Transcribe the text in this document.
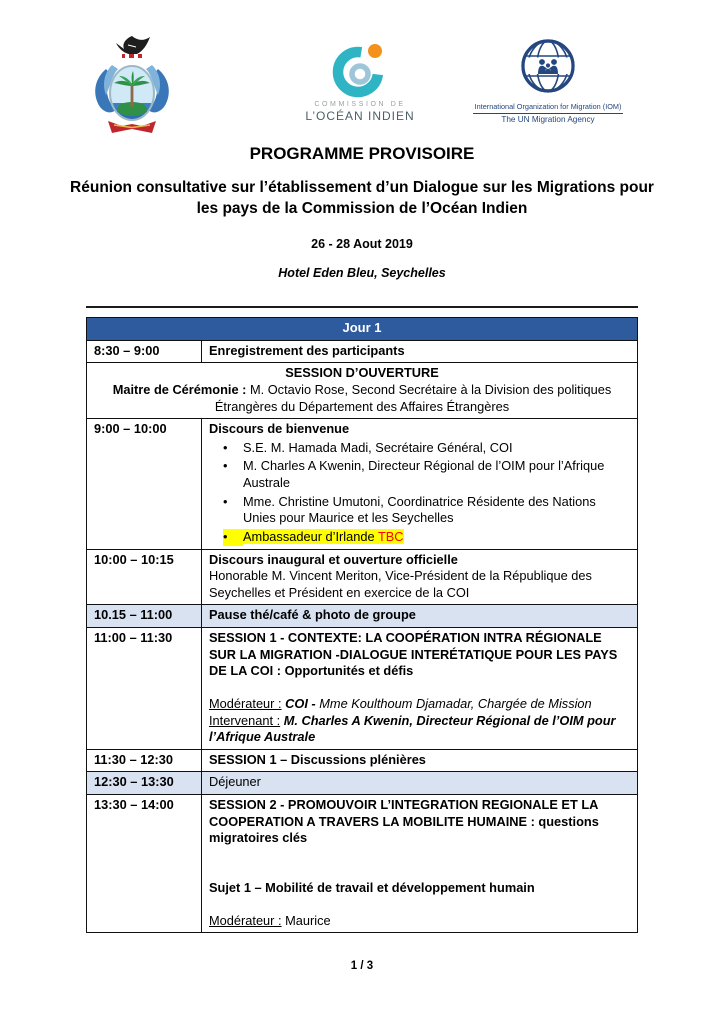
COMMISSION DE
L’OCÉAN INDIEN
International Organization for Migration (IOM)
The UN Migration Agency
PROGRAMME PROVISOIRE
Réunion consultative sur l’établissement d’un Dialogue sur les Migrations pour les pays de la Commission de l’Océan Indien
26 - 28 Aout 2019
Hotel Eden Bleu, Seychelles
Jour 1	
8:30 – 9:00	Enregistrement des participants

SESSION D’OUVERTURE
Maitre de Cérémonie : M. Octavio Rose, Second Secrétaire à la Division des politiques Étrangères du Département des Affaires Étrangères	

9:00 – 10:00	Discours de bienvenue
•	S.E. M. Hamada Madi, Secrétaire Général, COI
•	M. Charles A Kwenin, Directeur Régional de l’OIM pour l’Afrique Australe
•	Mme. Christine Umutoni, Coordinatrice Résidente des Nations Unies pour Maurice et les Seychelles
•	Ambassadeur d’Irlande TBC

10:00 – 10:15	Discours inaugural et ouverture officielle
Honorable M. Vincent Meriton, Vice-Président de la République des Seychelles et Président en exercice de la COI

10.15 – 11:00	Pause thé/café & photo de groupe
11:00 – 11:30	SESSION 1 - CONTEXTE: LA COOPÉRATION INTRA RÉGIONALE SUR LA MIGRATION -DIALOGUE INTERÉTATIQUE POUR LES PAYS DE LA COI : Opportunités et défis
Modérateur : COI - Mme Koulthoum Djamadar, Chargée de Mission
Intervenant : M. Charles A Kwenin, Directeur Régional de l’OIM pour l’Afrique Australe

11:30 – 12:30	SESSION 1 – Discussions plénières
12:30 – 13:30	Déjeuner
13:30 – 14:00	SESSION 2 - PROMOUVOIR L’INTEGRATION REGIONALE ET LA COOPERATION A TRAVERS LA MOBILITE HUMAINE : questions migratoires clés
Sujet 1 – Mobilité de travail et développement humain
Modérateur : Maurice
1 / 3
